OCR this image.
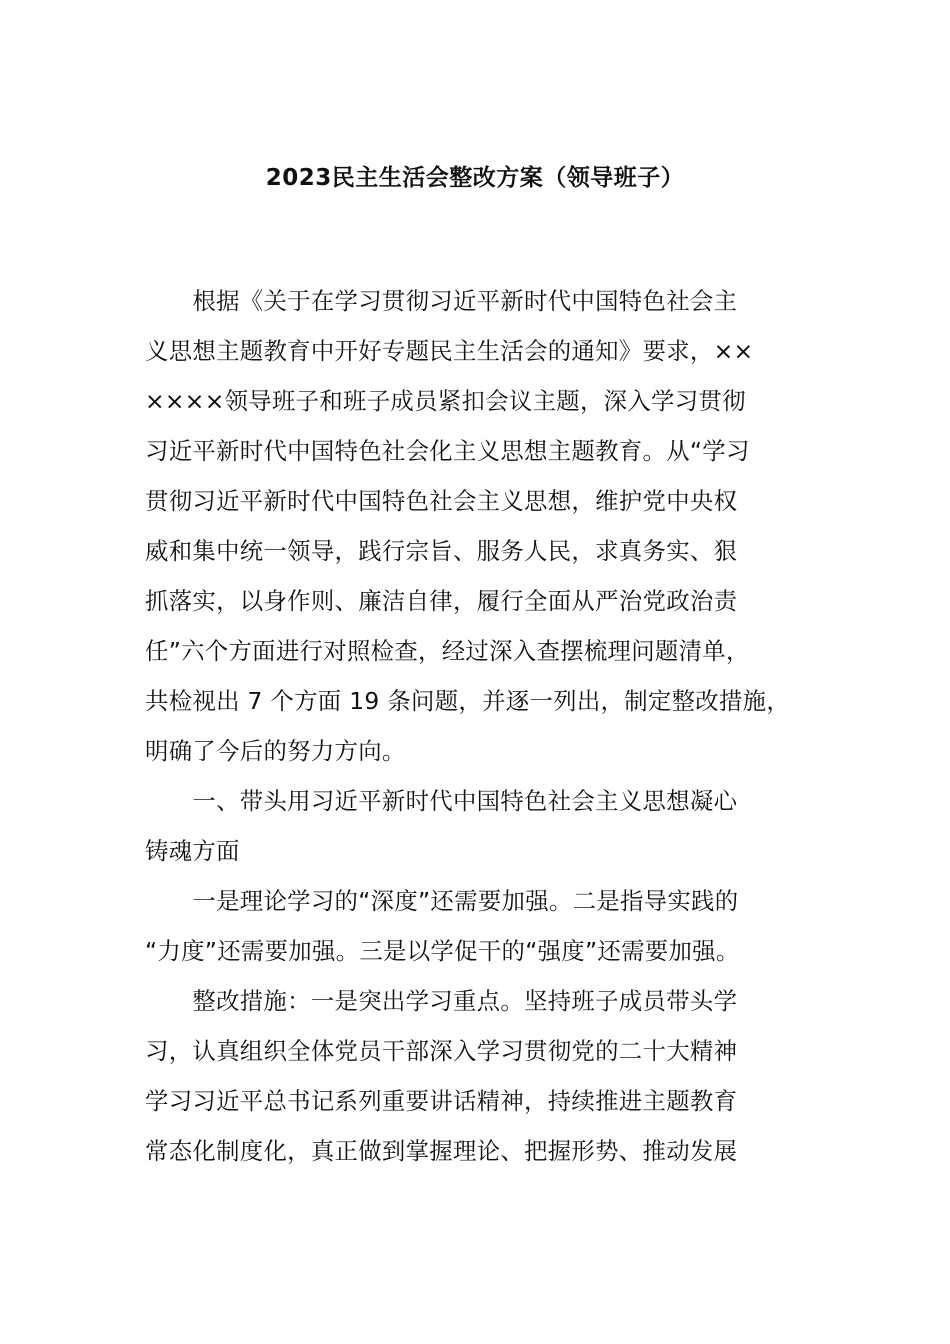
2023民主生活会整改方案（领导班子）
　　根据《关于在学习贯彻习近平新时代中国特色社会主
义思想主题教育中开好专题民主生活会的通知》要求，××
××××领导班子和班子成员紧扣会议主题，深入学习贯彻
习近平新时代中国特色社会化主义思想主题教育。从“学习
贯彻习近平新时代中国特色社会主义思想，维护党中央权
威和集中统一领导，践行宗旨、服务人民，求真务实、狠
抓落实，以身作则、廉洁自律，履行全面从严治党政治责
任”六个方面进行对照检查，经过深入查摆梳理问题清单，
共检视出 7 个方面 19 条问题，并逐一列出，制定整改措施，
明确了今后的努力方向。
　　一、带头用习近平新时代中国特色社会主义思想凝心
铸魂方面
　　一是理论学习的“深度”还需要加强。二是指导实践的
“力度”还需要加强。三是以学促干的“强度”还需要加强。
　　整改措施：一是突出学习重点。坚持班子成员带头学
习，认真组织全体党员干部深入学习贯彻党的二十大精神
学习习近平总书记系列重要讲话精神，持续推进主题教育
常态化制度化，真正做到掌握理论、把握形势、推动发展
